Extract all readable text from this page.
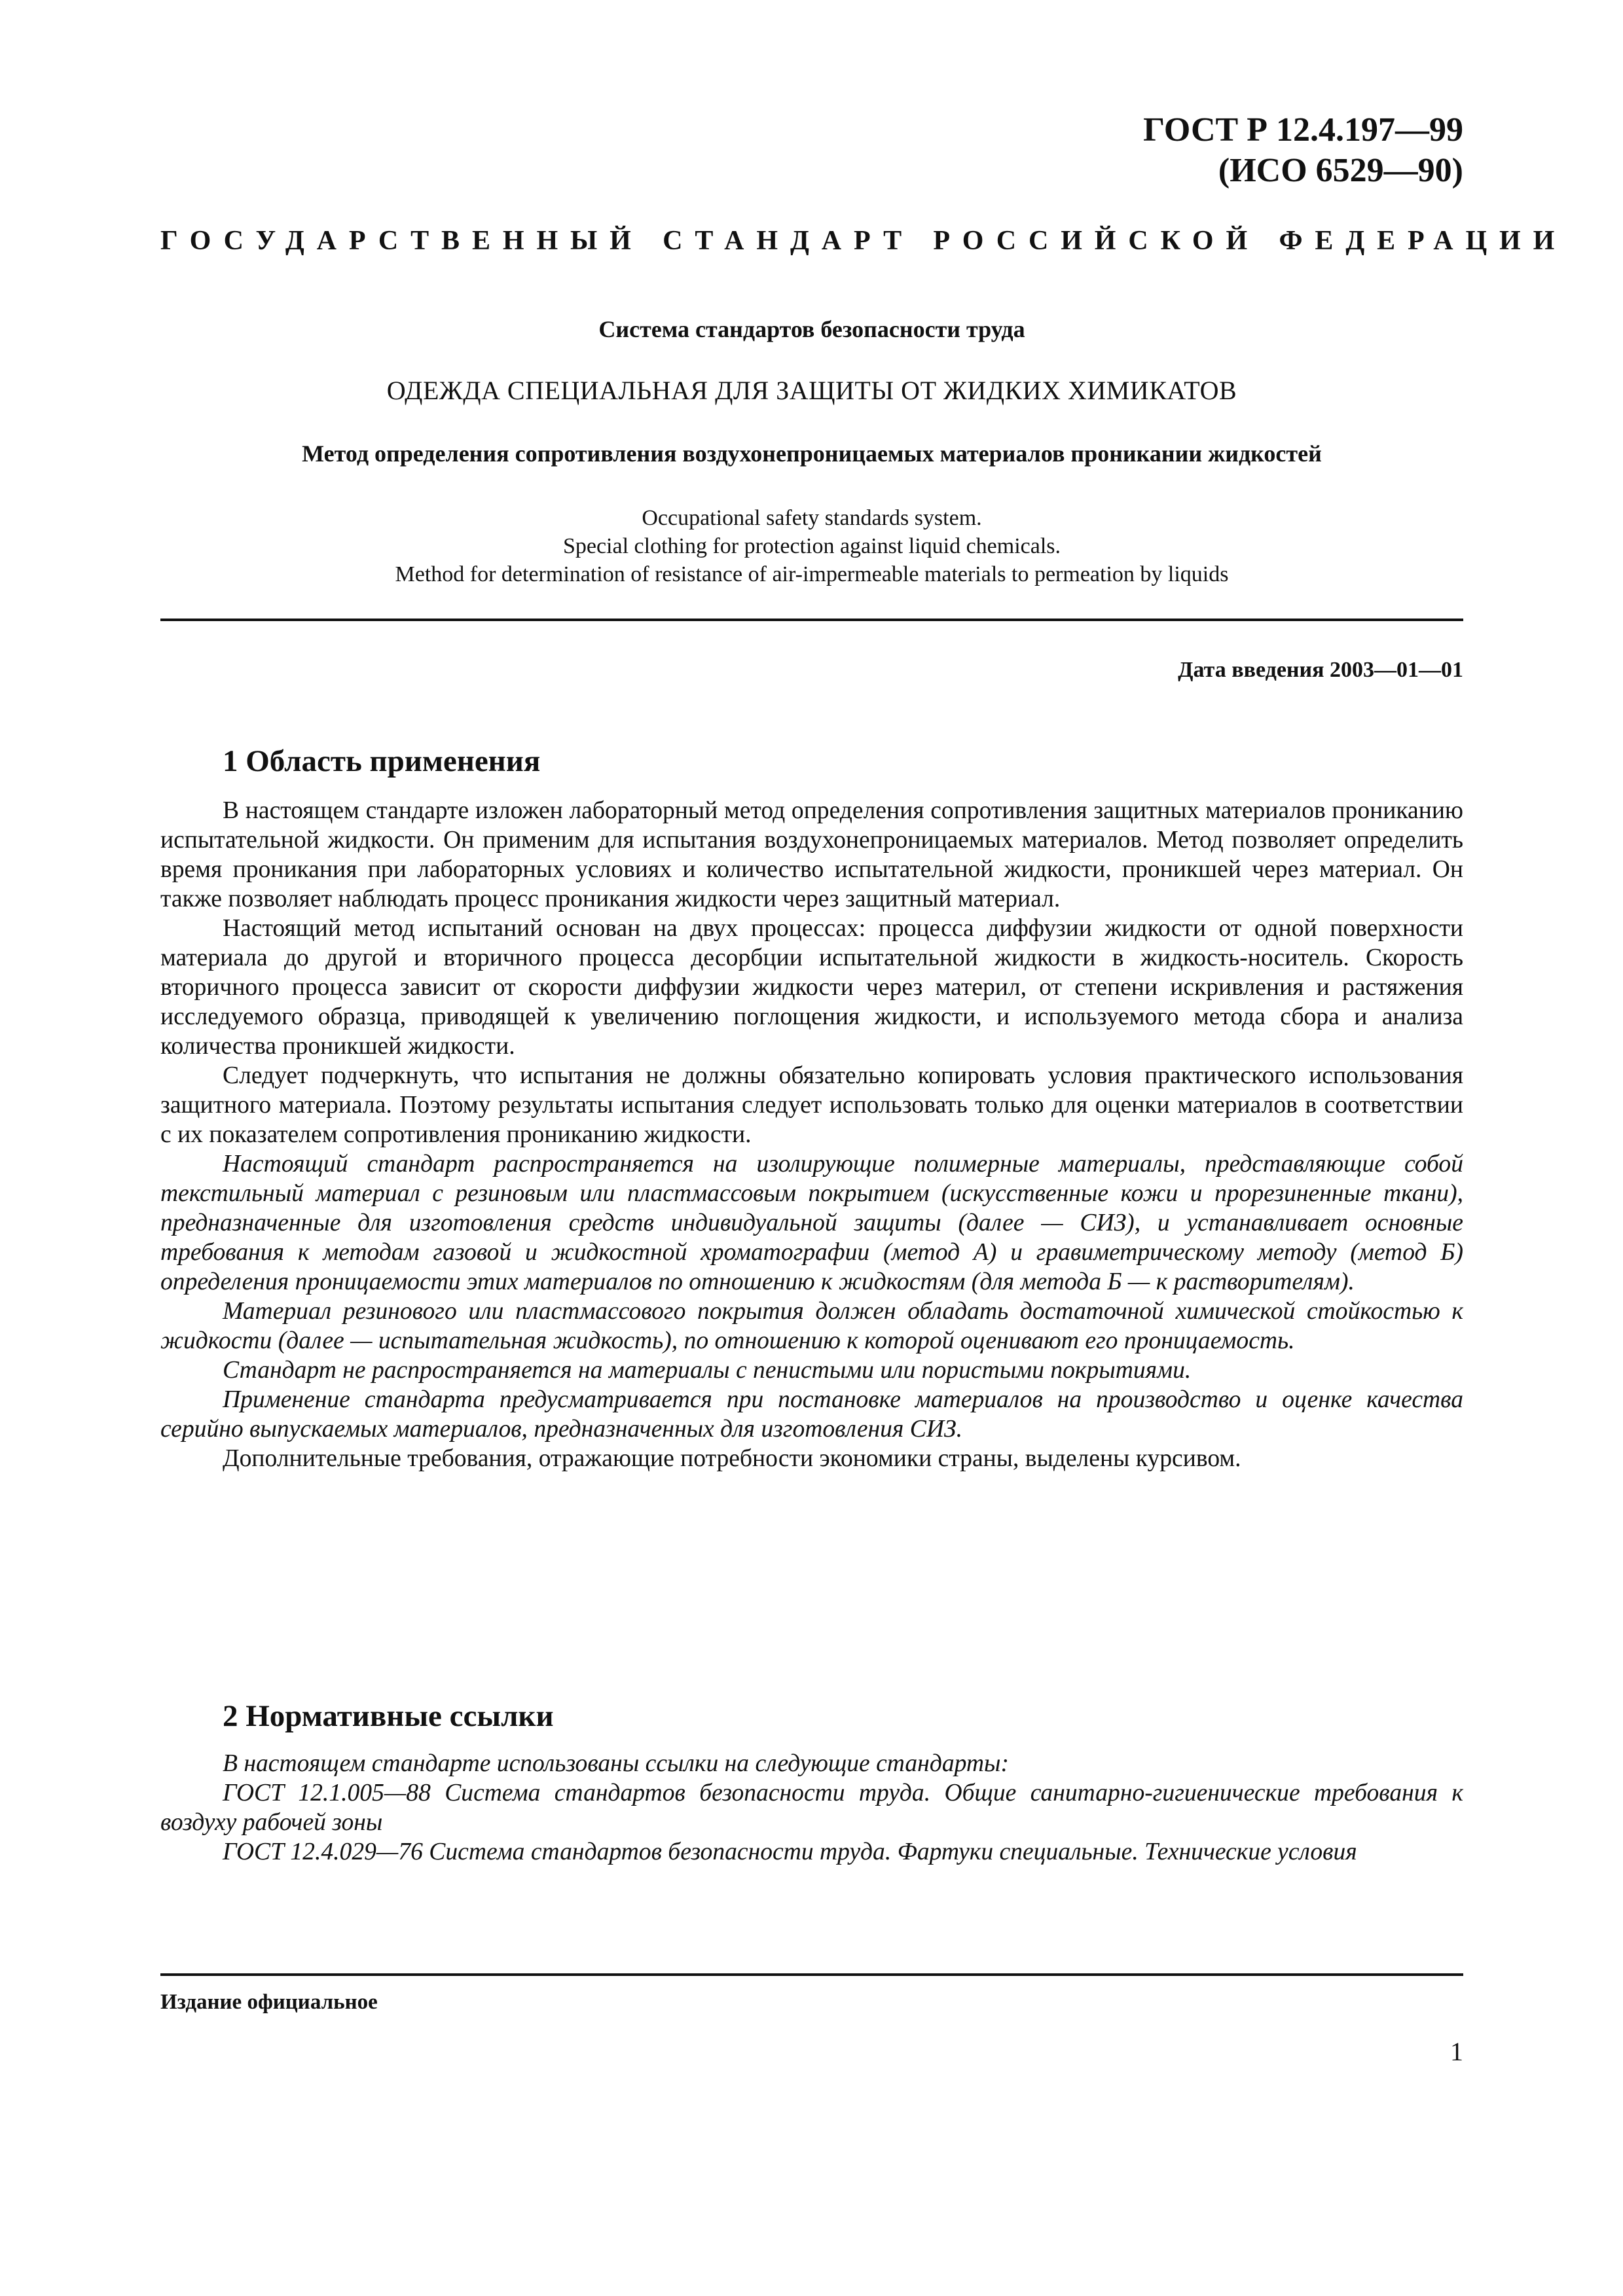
ГОСТ Р 12.4.197—99
(ИСО 6529—90)
ГОСУДАРСТВЕННЫЙ СТАНДАРТ РОССИЙСКОЙ ФЕДЕРАЦИИ
Система стандартов безопасности труда
ОДЕЖДА СПЕЦИАЛЬНАЯ ДЛЯ ЗАЩИТЫ ОТ ЖИДКИХ ХИМИКАТОВ
Метод определения сопротивления воздухонепроницаемых материалов проникании жидкостей
Occupational safety standards system.
Special clothing for protection against liquid chemicals.
Method for determination of resistance of air-impermeable materials to permeation by liquids
Дата введения 2003—01—01
1 Область применения

В настоящем стандарте изложен лабораторный метод определения сопротивления защитных материалов прониканию испытательной жидкости. Он применим для испытания воздухонепроницаемых материалов. Метод позволяет определить время проникания при лабораторных условиях и количество испытательной жидкости, проникшей через материал. Он также позволяет наблюдать процесс проникания жидкости через защитный материал.

Настоящий метод испытаний основан на двух процессах: процесса диффузии жидкости от одной поверхности материала до другой и вторичного процесса десорбции испытательной жидкости в жидкость-носитель. Скорость вторичного процесса зависит от скорости диффузии жидкости через материл, от степени искривления и растяжения исследуемого образца, приводящей к увеличению поглощения жидкости, и используемого метода сбора и анализа количества проникшей жидкости.

Следует подчеркнуть, что испытания не должны обязательно копировать условия практического использования защитного материала. Поэтому результаты испытания следует использовать только для оценки материалов в соответствии с их показателем сопротивления прониканию жидкости.

Настоящий стандарт распространяется на изолирующие полимерные материалы, представляющие собой текстильный материал с резиновым или пластмассовым покрытием (искусственные кожи и прорезиненные ткани), предназначенные для изготовления средств индивидуальной защиты (далее — СИЗ), и устанавливает основные требования к методам газовой и жидкостной хроматографии (метод А) и гравиметрическому методу (метод Б) определения проницаемости этих материалов по отношению к жидкостям (для метода Б — к растворителям).

Материал резинового или пластмассового покрытия должен обладать достаточной химической стойкостью к жидкости (далее — испытательная жидкость), по отношению к которой оценивают его проницаемость.

Стандарт не распространяется на материалы с пенистыми или пористыми покрытиями.

Применение стандарта предусматривается при постановке материалов на производство и оценке качества серийно выпускаемых материалов, предназначенных для изготовления СИЗ.

Дополнительные требования, отражающие потребности экономики страны, выделены курсивом.

2 Нормативные ссылки

В настоящем стандарте использованы ссылки на следующие стандарты:

ГОСТ 12.1.005—88 Система стандартов безопасности труда. Общие санитарно-гигиенические требования к воздуху рабочей зоны

ГОСТ 12.4.029—76 Система стандартов безопасности труда. Фартуки специальные. Технические условия

Издание официальное
1
